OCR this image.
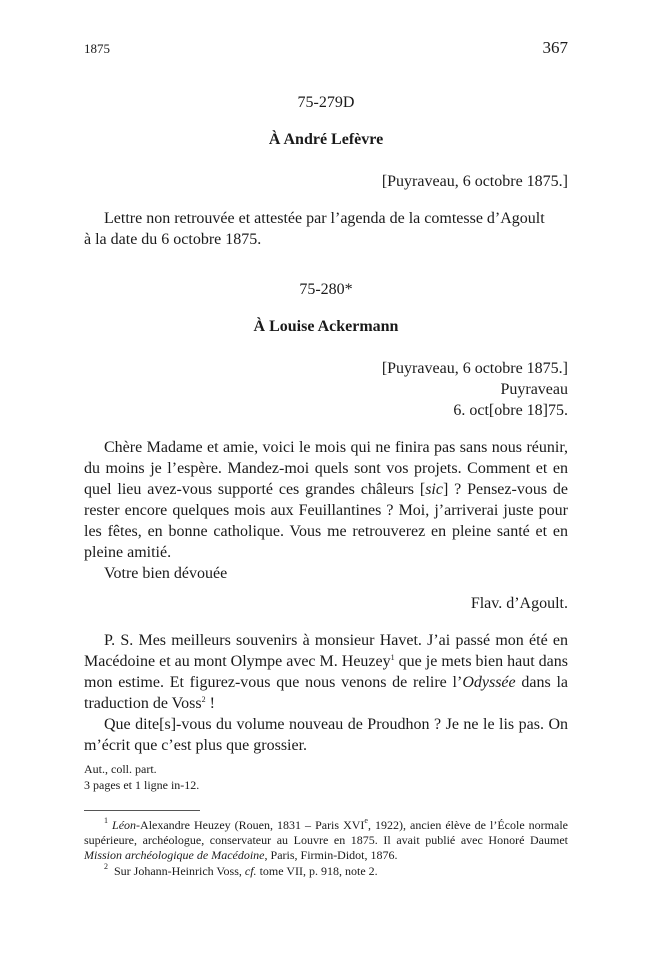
1875	367
75-279D
À André Lefèvre
[Puyraveau, 6 octobre 1875.]
Lettre non retrouvée et attestée par l’agenda de la comtesse d’Agoult
à la date du 6 octobre 1875.
75-280*
À Louise Ackermann
[Puyraveau, 6 octobre 1875.]
Puyraveau
6. oct[obre 18]75.
Chère Madame et amie, voici le mois qui ne finira pas sans nous réunir, du moins je l’espère. Mandez-moi quels sont vos projets. Comment et en quel lieu avez-vous supporté ces grandes châleurs [sic] ? Pensez-vous de rester encore quelques mois aux Feuillantines ? Moi, j’arriverai juste pour les fêtes, en bonne catholique. Vous me retrouverez en pleine santé et en pleine amitié.
Votre bien dévouée
Flav. d’Agoult.
P. S. Mes meilleurs souvenirs à monsieur Havet. J’ai passé mon été en Macédoine et au mont Olympe avec M. Heuzey$^1$ que je mets bien haut dans mon estime. Et figurez-vous que nous venons de relire l’Odyssée dans la traduction de Voss$^2$ !
Que dite[s]-vous du volume nouveau de Proudhon ? Je ne le lis pas. On m’écrit que c’est plus que grossier.
Aut., coll. part.
3 pages et 1 ligne in-12.
$^1$ Léon-Alexandre Heuzey (Rouen, 1831 – Paris XVIe, 1922), ancien élève de l’École normale supérieure, archéologue, conservateur au Louvre en 1875. Il avait publié avec Honoré Daumet Mission archéologique de Macédoine, Paris, Firmin-Didot, 1876.
$^2$ Sur Johann-Heinrich Voss, cf. tome VII, p. 918, note 2.
